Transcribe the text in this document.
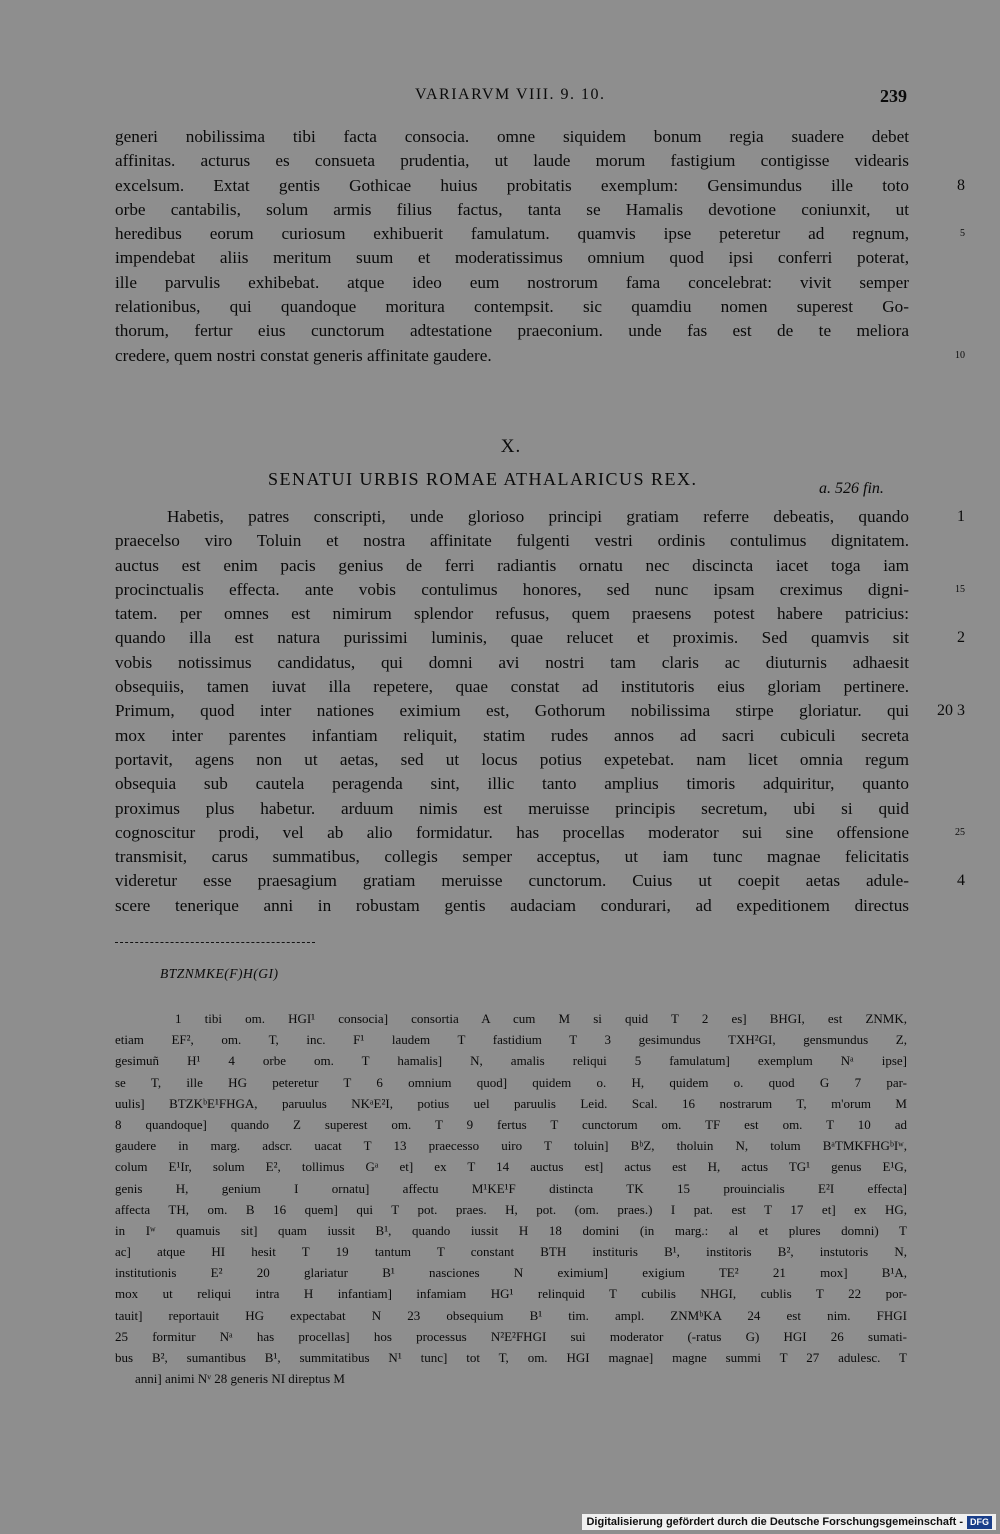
VARIARVM VIII. 9. 10.	239
generi nobilissima tibi facta consocia. omne siquidem bonum regia suadere debet
affinitas. acturus es consueta prudentia, ut laude morum fastigium contigisse videaris
excelsum. Extat gentis Gothicae huius probitatis exemplum: Gensimundus ille toto	8
orbe cantabilis, solum armis filius factus, tanta se Hamalis devotione coniunxit, ut
heredibus eorum curiosum exhibuerit famulatum. quamvis ipse peteretur ad regnum,	5
impendebat aliis meritum suum et moderatissimus omnium quod ipsi conferri poterat,
ille parvulis exhibebat. atque ideo eum nostrorum fama concelebrat: vivit semper
relationibus, qui quandoque moritura contempsit. sic quamdiu nomen superest Go-
thorum, fertur eius cunctorum adtestatione praeconium. unde fas est de te meliora
credere, quem nostri constat generis affinitate gaudere.	10
X.
SENATUI URBIS ROMAE ATHALARICUS REX.	a. 526 fin.
Habetis, patres conscripti, unde glorioso principi gratiam referre debeatis, quando	1
praecelso viro Toluin et nostra affinitate fulgenti vestri ordinis contulimus dignitatem.
auctus est enim pacis genius de ferri radiantis ornatu nec discincta iacet toga iam
procinctualis effecta. ante vobis contulimus honores, sed nunc ipsam creximus digni-	15
tatem. per omnes est nimirum splendor refusus, quem praesens potest habere patricius:
quando illa est natura purissimi luminis, quae relucet et proximis. Sed quamvis sit	2
vobis notissimus candidatus, qui domni avi nostri tam claris ac diuturnis adhaesit
obsequiis, tamen iuvat illa repetere, quae constat ad institutoris eius gloriam pertinere.
Primum, quod inter nationes eximium est, Gothorum nobilissima stirpe gloriatur. qui	20 3
mox inter parentes infantiam reliquit, statim rudes annos ad sacri cubiculi secreta
portavit, agens non ut aetas, sed ut locus potius expetebat. nam licet omnia regum
obsequia sub cautela peragenda sint, illic tanto amplius timoris adquiritur, quanto
proximus plus habetur. arduum nimis est meruisse principis secretum, ubi si quid
cognoscitur prodi, vel ab alio formidatur. has procellas moderator sui sine offensione	25
transmisit, carus summatibus, collegis semper acceptus, ut iam tunc magnae felicitatis
videretur esse praesagium gratiam meruisse cunctorum. Cuius ut coepit aetas adule-	4
scere tenerique anni in robustam gentis audaciam condurari, ad expeditionem directus
BTZNMKE(F)H(GI)
1 tibi om. HGI¹ consocia] consortia A cum M si quid T 2 es] BHGI, est ZNMK,
etiam EF², om. T, inc. F¹ laudem T fastidium T 3 gesimundus TXH²GI, gensmundus Z,
gesimuñ H¹ 4 orbe om. T hamalis] N, amalis reliqui 5 famulatum] exemplum Nᵃ ipse]
se T, ille HG peteretur T 6 omnium quod] quidem o. H, quidem o. quod G 7 par-
uulis] BTZKᵇE¹FHGA, paruulus NKᵃE²I, potius uel paruulis Leid. Scal. 16 nostrarum T, m'orum M
8 quandoque] quando Z superest om. T 9 fertus T cunctorum om. TF est om. T 10 ad
gaudere in marg. adscr. uacat T 13 praecesso uiro T toluin] BᵇZ, tholuin N, tolum BᵃTMKFHGᵇIʷ,
colum E¹Ir, solum E², tollimus Gᵃ et] ex T 14 auctus est] actus est H, actus TG¹ genus E¹G,
genis H, genium I ornatu] affectu M¹KE¹F distincta TK 15 prouincialis E²I effecta]
affecta TH, om. B 16 quem] qui T pot. praes. H, pot. (om. praes.) I pat. est T 17 et] ex HG,
in Iʷ quamuis sit] quam iussit B¹, quando iussit H 18 domini (in marg.: al et plures domni) T
ac] atque HI hesit T 19 tantum T constant BTH instituris B¹, institoris B², instutoris N,
institutionis E² 20 glariatur B¹ nasciones N eximium] exigium TE² 21 mox] B¹A,
mox ut reliqui intra H infantiam] infamiam HG¹ relinquid T cubilis NHGI, cublis T 22 por-
tauit] reportauit HG expectabat N 23 obsequium B¹ tim. ampl. ZNMᵇKA 24 est nim. FHGI
25 formitur Nᵃ has procellas] hos processus N²E²FHGI sui moderator (-ratus G) HGI 26 sumati-
bus B², sumantibus B¹, summitatibus N¹ tunc] tot T, om. HGI magnae] magne summi T 27 adulesc. T
anni] animi Nᵛ 28 generis NI direptus M
Digitalisierung gefördert durch die Deutsche Forschungsgemeinschaft - DFG
